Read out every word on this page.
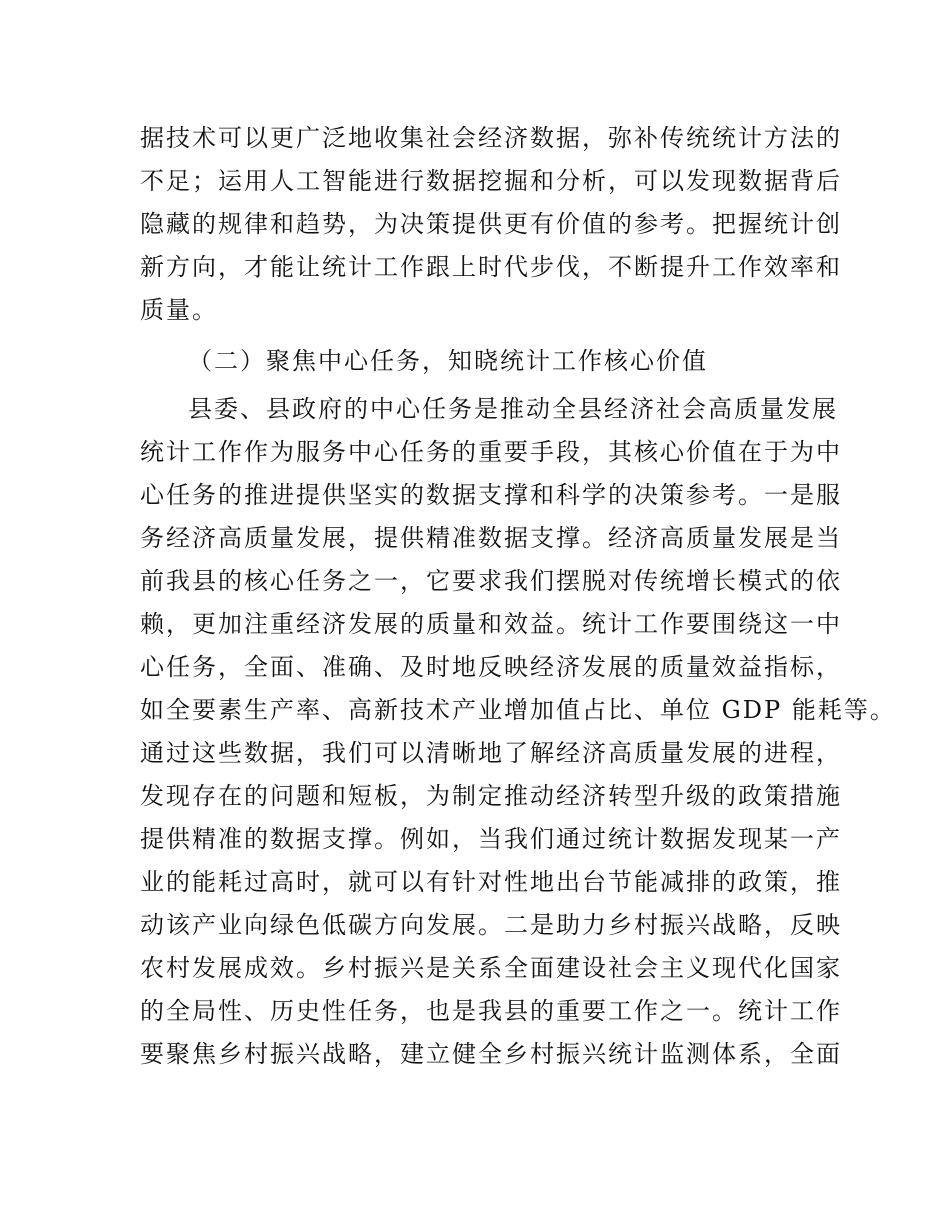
据技术可以更广泛地收集社会经济数据，弥补传统统计方法的
不足；运用人工智能进行数据挖掘和分析，可以发现数据背后
隐藏的规律和趋势，为决策提供更有价值的参考。把握统计创
新方向，才能让统计工作跟上时代步伐，不断提升工作效率和
质量。
（二）聚焦中心任务，知晓统计工作核心价值
县委、县政府的中心任务是推动全县经济社会高质量发展
统计工作作为服务中心任务的重要手段，其核心价值在于为中
心任务的推进提供坚实的数据支撑和科学的决策参考。一是服
务经济高质量发展，提供精准数据支撑。经济高质量发展是当
前我县的核心任务之一，它要求我们摆脱对传统增长模式的依
赖，更加注重经济发展的质量和效益。统计工作要围绕这一中
心任务，全面、准确、及时地反映经济发展的质量效益指标，
如全要素生产率、高新技术产业增加值占比、单位 GDP 能耗等。
通过这些数据，我们可以清晰地了解经济高质量发展的进程，
发现存在的问题和短板，为制定推动经济转型升级的政策措施
提供精准的数据支撑。例如，当我们通过统计数据发现某一产
业的能耗过高时，就可以有针对性地出台节能减排的政策，推
动该产业向绿色低碳方向发展。二是助力乡村振兴战略，反映
农村发展成效。乡村振兴是关系全面建设社会主义现代化国家
的全局性、历史性任务，也是我县的重要工作之一。统计工作
要聚焦乡村振兴战略，建立健全乡村振兴统计监测体系，全面
